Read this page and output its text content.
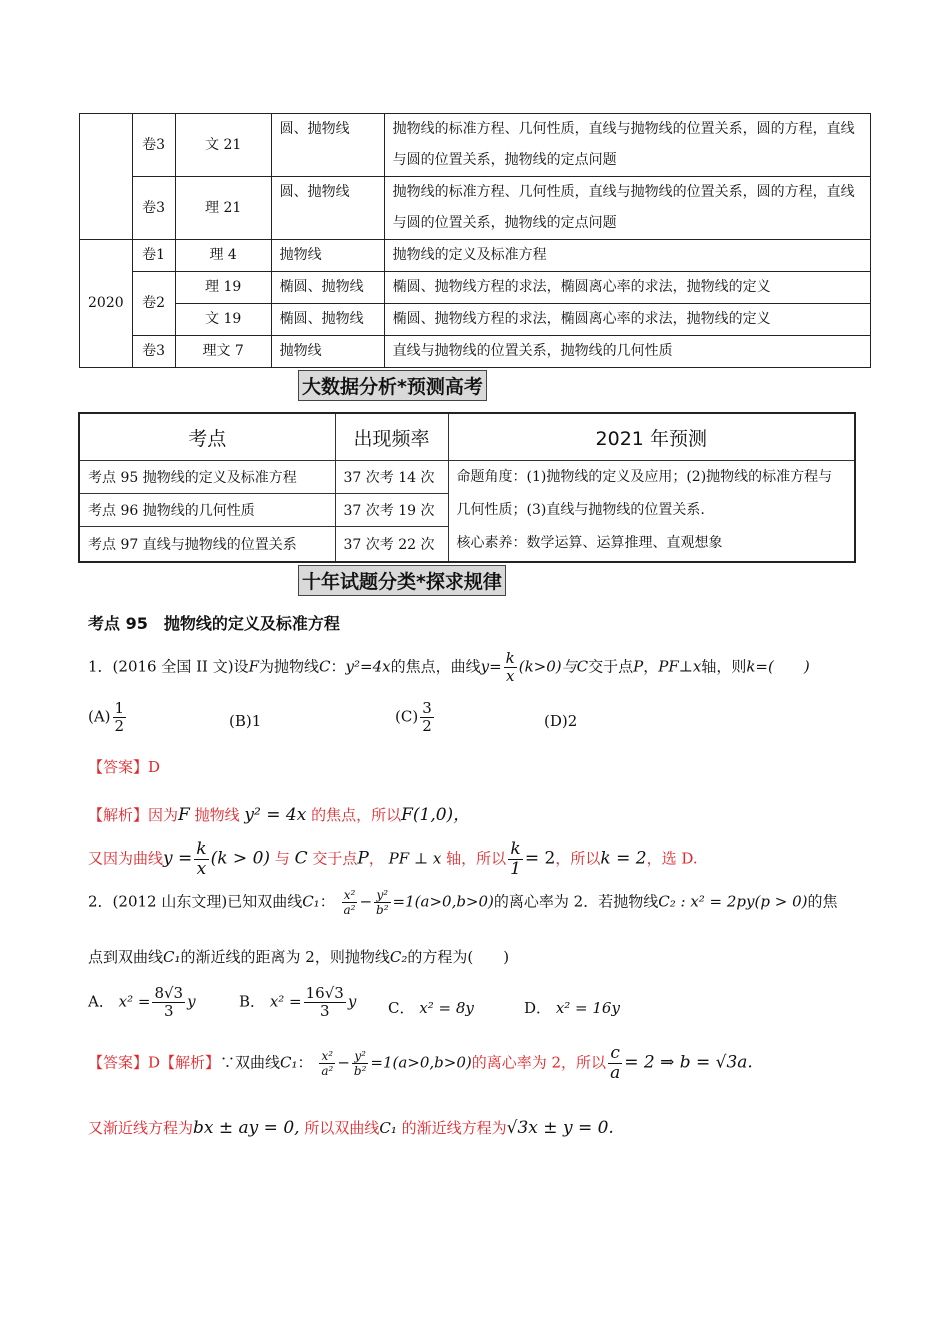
	卷3	文 21	圆、抛物线	抛物线的标准方程、几何性质，直线与抛物线的位置关系，圆的方程，直线与圆的位置关系，抛物线的定点问题
	卷3	理 21	圆、抛物线	抛物线的标准方程、几何性质，直线与抛物线的位置关系，圆的方程，直线与圆的位置关系，抛物线的定点问题
2020	卷1	理 4	抛物线	抛物线的定义及标准方程
	卷2	理 19	椭圆、抛物线	椭圆、抛物线方程的求法，椭圆离心率的求法，抛物线的定义
		文 19	椭圆、抛物线	椭圆、抛物线方程的求法，椭圆离心率的求法，抛物线的定义
	卷3	理文 7	抛物线	直线与抛物线的位置关系，抛物线的几何性质
大数据分析*预测高考
考点	出现频率	2021 年预测
考点 95 抛物线的定义及标准方程	37 次考 14 次	命题角度：(1)抛物线的定义及应用；(2)抛物线的标准方程与几何性质；(3)直线与抛物线的位置关系.
核心素养：数学运算、运算推理、直观想象

考点 96 抛物线的几何性质	37 次考 19 次	
考点 97 直线与抛物线的位置关系	37 次考 22 次	
十年试题分类*探求规律
考点 95　抛物线的定义及标准方程
1．(2016 全国 II 文)设F为抛物线C：y²=4x的焦点，曲线$y= \frac{k}{x} (k>0)$与C交于点P，PF⊥x轴，则k=(　　)
$(A) \frac{1}{2}$	(B)1	$(C) \frac{3}{2}$	(D)2
【答案】D
【解析】因为F 抛物线 y² = 4x 的焦点，所以F(1,0)，
又因为曲线$y = \frac{k}{x} (k > 0)$ 与 C 交于点P， PF ⊥ x 轴，所以 $\frac{k}{1} = 2$，所以k = 2，选 D.
2．(2012 山东文理)已知双曲线C₁： $\frac{\text{x²}}{\text{a²}} - \frac{\text{y²}}{\text{b²}} =1(a>0,b>0)$的离心率为 2．若抛物线C₂ : x² = 2py(p > 0)的焦
点到双曲线C₁的渐近线的距离为 2，则抛物线C₂的方程为(　　)
A． $x^2 = \frac{8√3}{3}$ y	B． $x^2 = \frac{16√3}{3}$ y C． x² = 8y	D． x² = 16y
【答案】D【解析】∵双曲线C₁： $\frac{\text{x²}}{\text{a²}} - \frac{\text{y²}}{\text{b²}} =1(a>0,b>0)$的离心率为 2，所以 $\frac{c}{a} = 2$ ⇒ b = √3a.
又渐近线方程为bx ± ay = 0, 所以双曲线C₁ 的渐近线方程为√3x ± y = 0.
